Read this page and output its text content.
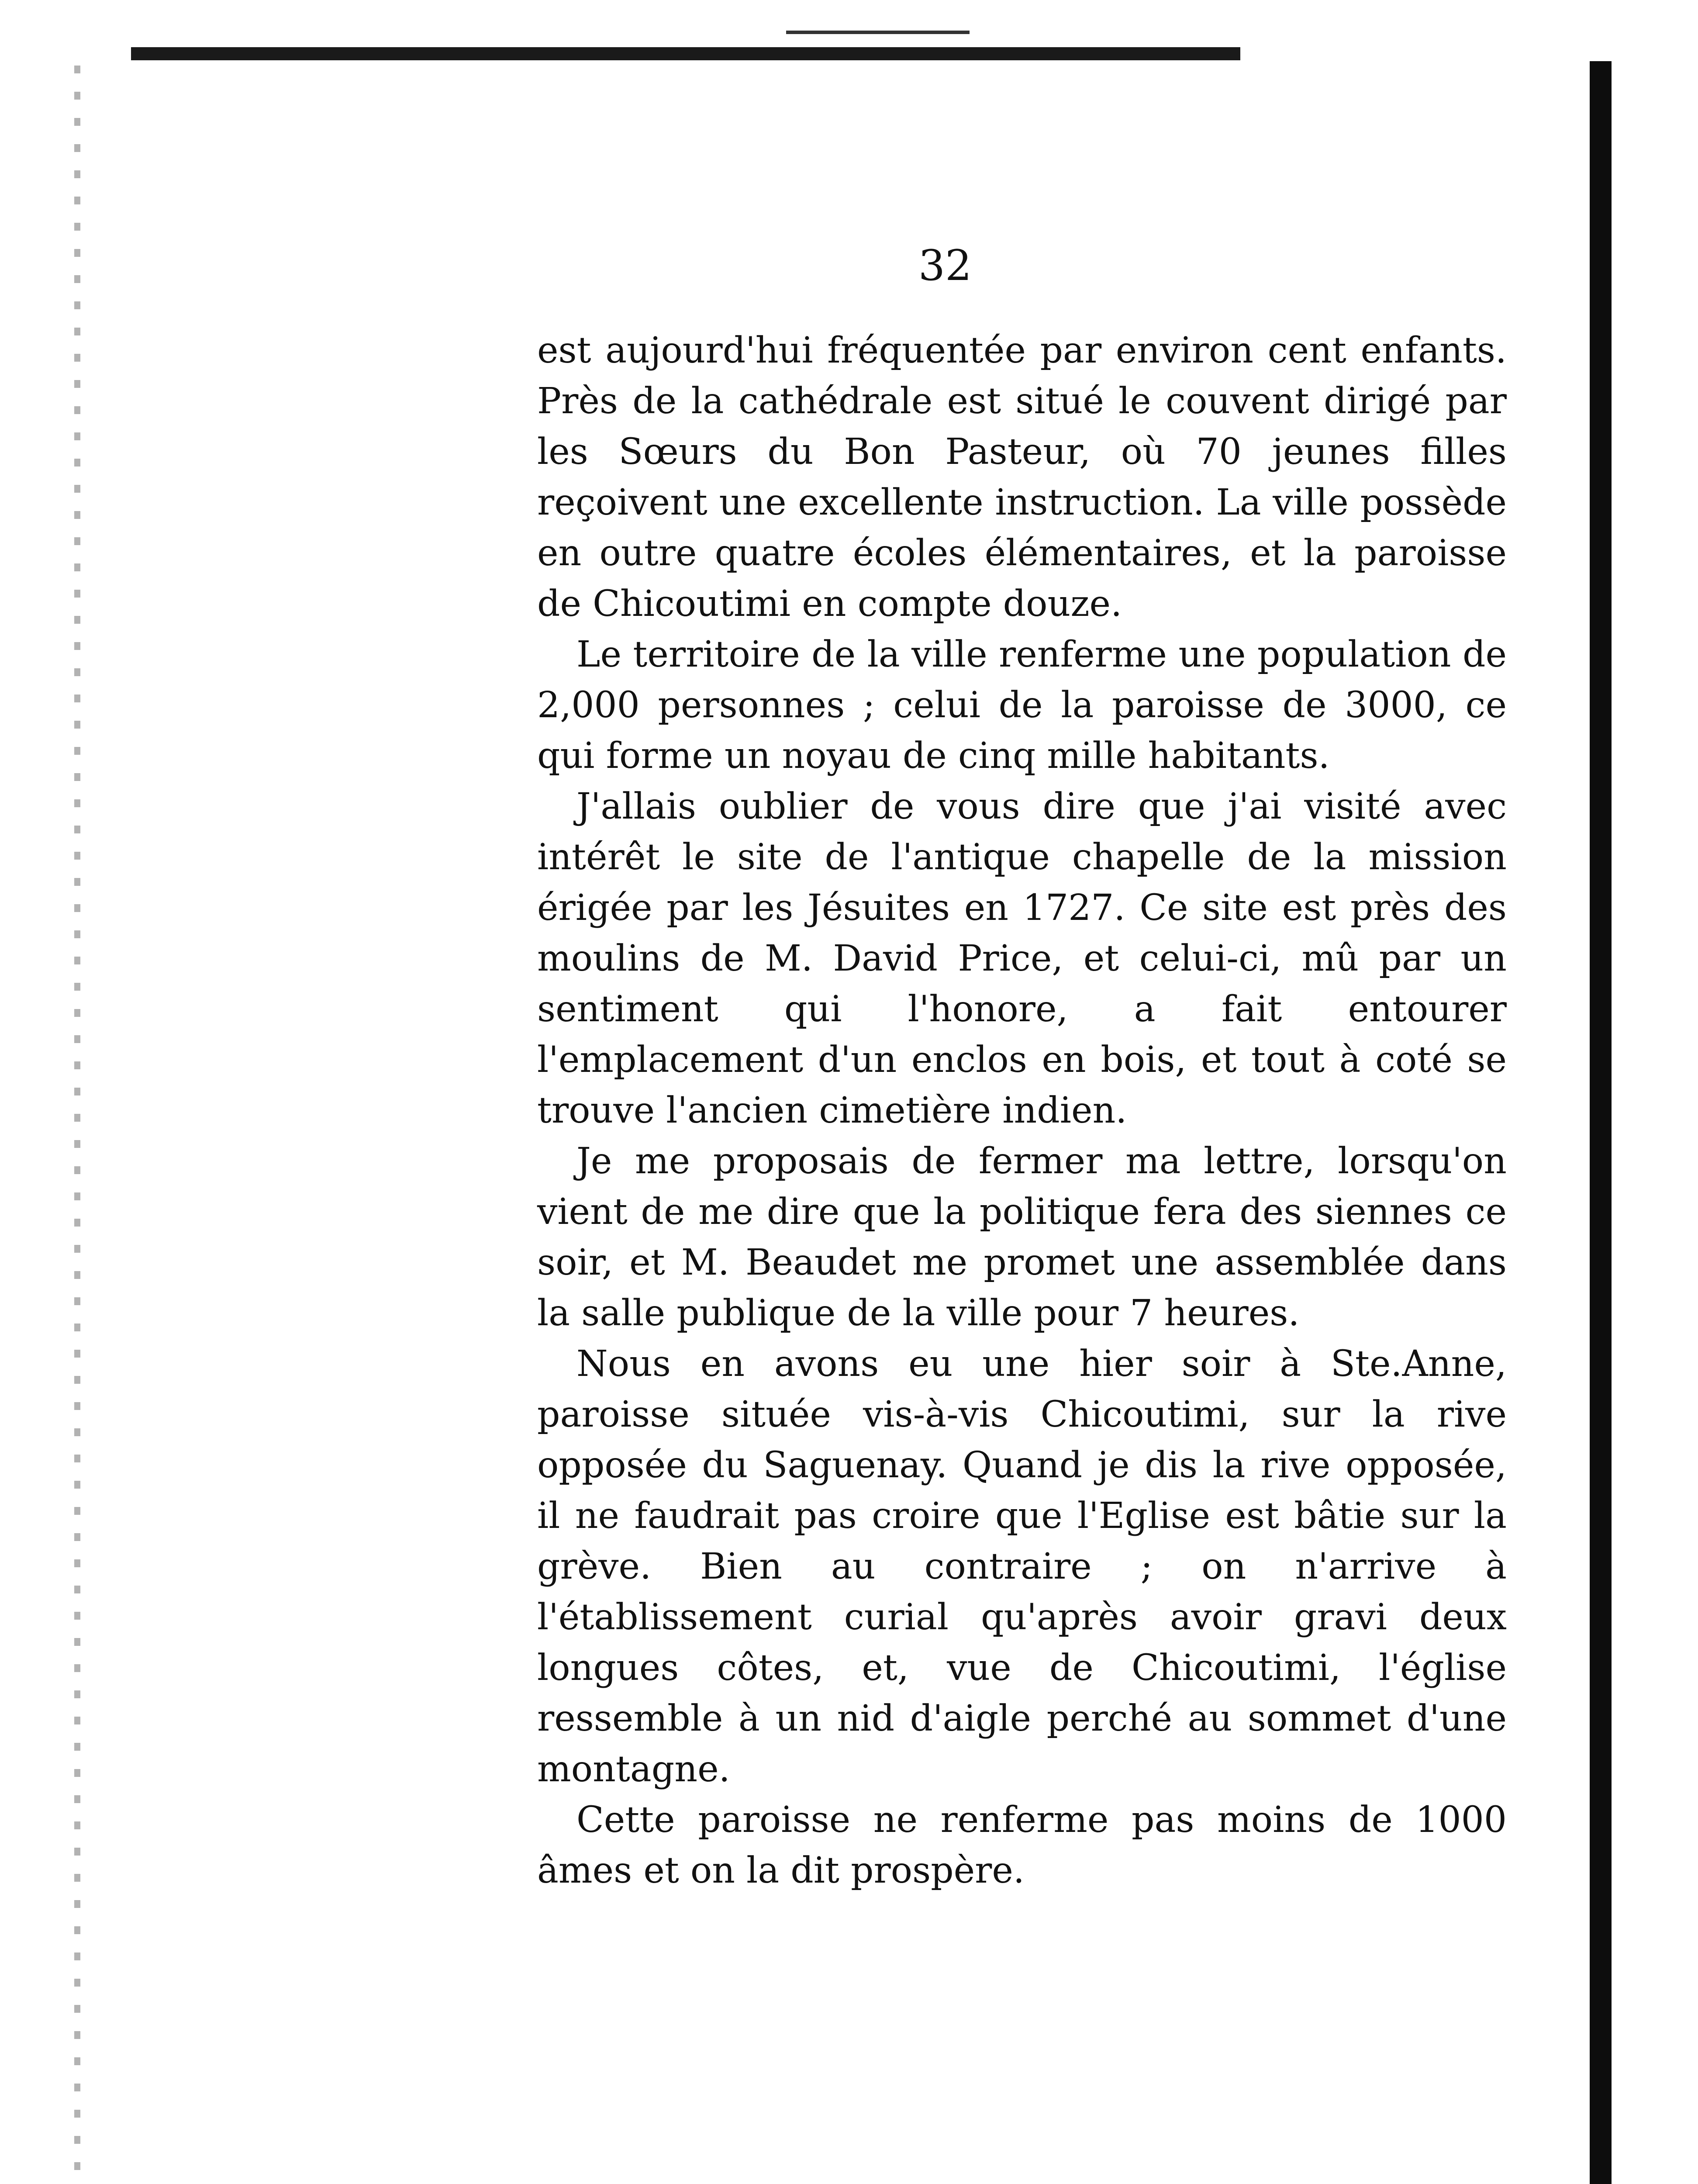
32

est aujourd'hui fréquentée par environ cent enfants. Près de la cathédrale est situé le couvent dirigé par les Sœurs du Bon Pasteur, où 70 jeunes filles reçoivent une excellente instruction. La ville possède en outre quatre écoles élémentaires, et la paroisse de Chicoutimi en compte douze.

Le territoire de la ville renferme une population de 2,000 personnes ; celui de la paroisse de 3000, ce qui forme un noyau de cinq mille habitants.

J'allais oublier de vous dire que j'ai visité avec intérêt le site de l'antique chapelle de la mission érigée par les Jésuites en 1727. Ce site est près des moulins de M. David Price, et celui-ci, mû par un sentiment qui l'honore, a fait entourer l'emplacement d'un enclos en bois, et tout à coté se trouve l'ancien cimetière indien.

Je me proposais de fermer ma lettre, lorsqu'on vient de me dire que la politique fera des siennes ce soir, et M. Beaudet me promet une assemblée dans la salle publique de la ville pour 7 heures.

Nous en avons eu une hier soir à Ste.Anne, paroisse située vis-à-vis Chicoutimi, sur la rive opposée du Saguenay. Quand je dis la rive opposée, il ne faudrait pas croire que l'Eglise est bâtie sur la grève. Bien au contraire ; on n'arrive à l'établissement curial qu'après avoir gravi deux longues côtes, et, vue de Chicoutimi, l'église ressemble à un nid d'aigle perché au sommet d'une montagne.

Cette paroisse ne renferme pas moins de 1000 âmes et on la dit prospère.
